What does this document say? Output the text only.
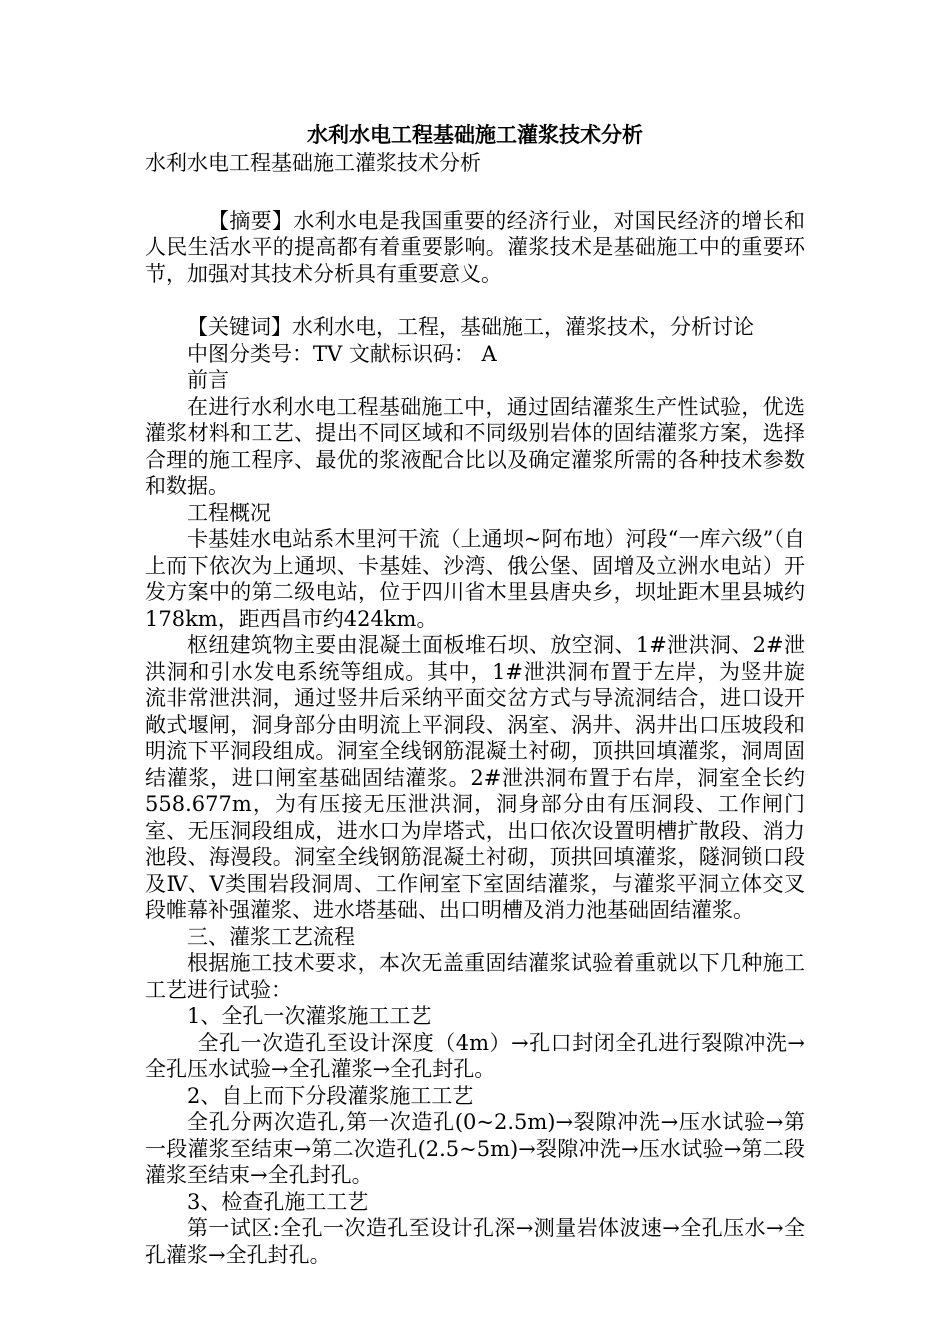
水利水电工程基础施工灌浆技术分析

水利水电工程基础施工灌浆技术分析

【摘要】水利水电是我国重要的经济行业，对国民经济的增长和人民生活水平的提高都有着重要影响。灌浆技术是基础施工中的重要环节，加强对其技术分析具有重要意义。

【关键词】水利水电，工程，基础施工，灌浆技术，分析讨论

中图分类号：TV 文献标识码： A

前言

在进行水利水电工程基础施工中，通过固结灌浆生产性试验，优选灌浆材料和工艺、提出不同区域和不同级别岩体的固结灌浆方案，选择合理的施工程序、最优的浆液配合比以及确定灌浆所需的各种技术参数和数据。

工程概况

卡基娃水电站系木里河干流（上通坝~阿布地）河段“一库六级”（自上而下依次为上通坝、卡基娃、沙湾、俄公堡、固增及立洲水电站）开发方案中的第二级电站，位于四川省木里县唐央乡，坝址距木里县城约178km，距西昌市约424km。

枢纽建筑物主要由混凝土面板堆石坝、放空洞、1#泄洪洞、2#泄洪洞和引水发电系统等组成。其中，1#泄洪洞布置于左岸，为竖井旋流非常泄洪洞，通过竖井后采纳平面交岔方式与导流洞结合，进口设开敞式堰闸，洞身部分由明流上平洞段、涡室、涡井、涡井出口压坡段和明流下平洞段组成。洞室全线钢筋混凝土衬砌，顶拱回填灌浆，洞周固结灌浆，进口闸室基础固结灌浆。2#泄洪洞布置于右岸，洞室全长约558.677m，为有压接无压泄洪洞，洞身部分由有压洞段、工作闸门室、无压洞段组成，进水口为岸塔式，出口依次设置明槽扩散段、消力池段、海漫段。洞室全线钢筋混凝土衬砌，顶拱回填灌浆，隧洞锁口段及Ⅳ、Ⅴ类围岩段洞周、工作闸室下室固结灌浆，与灌浆平洞立体交叉段帷幕补强灌浆、进水塔基础、出口明槽及消力池基础固结灌浆。

三、灌浆工艺流程

根据施工技术要求，本次无盖重固结灌浆试验着重就以下几种施工工艺进行试验：

1、全孔一次灌浆施工工艺

全孔一次造孔至设计深度（4m）→孔口封闭全孔进行裂隙冲洗→全孔压水试验→全孔灌浆→全孔封孔。

2、自上而下分段灌浆施工工艺

全孔分两次造孔,第一次造孔(0~2.5m)→裂隙冲洗→压水试验→第一段灌浆至结束→第二次造孔(2.5~5m)→裂隙冲洗→压水试验→第二段灌浆至结束→全孔封孔。

3、检查孔施工工艺

第一试区:全孔一次造孔至设计孔深→测量岩体波速→全孔压水→全孔灌浆→全孔封孔。
